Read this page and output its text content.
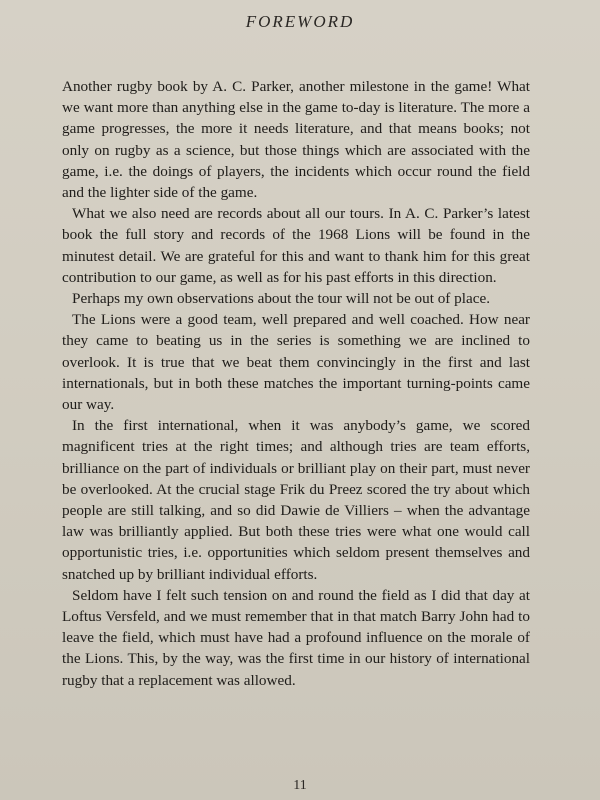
FOREWORD

Another rugby book by A. C. Parker, another milestone in the game! What we want more than anything else in the game to-day is literature. The more a game progresses, the more it needs literature, and that means books; not only on rugby as a science, but those things which are associated with the game, i.e. the doings of players, the incidents which occur round the field and the lighter side of the game.

What we also need are records about all our tours. In A. C. Parker’s latest book the full story and records of the 1968 Lions will be found in the minutest detail. We are grateful for this and want to thank him for this great contribution to our game, as well as for his past efforts in this direction.

Perhaps my own observations about the tour will not be out of place.

The Lions were a good team, well prepared and well coached. How near they came to beating us in the series is something we are inclined to overlook. It is true that we beat them convincingly in the first and last internationals, but in both these matches the important turning-points came our way.

In the first international, when it was anybody’s game, we scored magnificent tries at the right times; and although tries are team efforts, brilliance on the part of individuals or brilliant play on their part, must never be overlooked. At the crucial stage Frik du Preez scored the try about which people are still talking, and so did Dawie de Villiers – when the advantage law was brilliantly applied. But both these tries were what one would call opportunistic tries, i.e. opportunities which seldom present themselves and snatched up by brilliant individual efforts.

Seldom have I felt such tension on and round the field as I did that day at Loftus Versfeld, and we must remember that in that match Barry John had to leave the field, which must have had a profound influence on the morale of the Lions. This, by the way, was the first time in our history of international rugby that a replacement was allowed.

11
